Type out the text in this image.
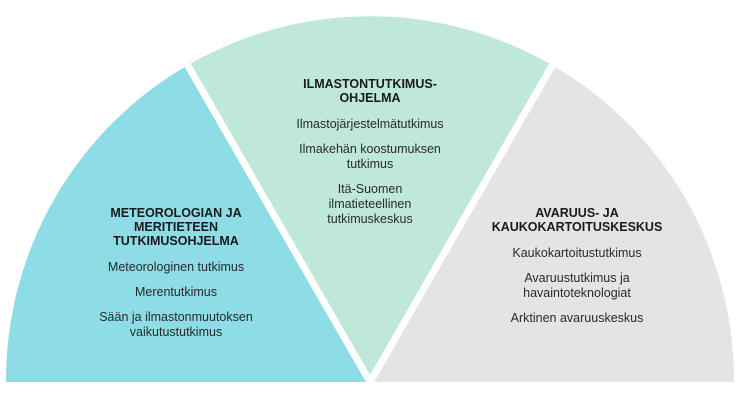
METEOROLOGIAN JA
MERITIETEEN
TUTKIMUSOHJELMA
Meteorologinen tutkimus
Merentutkimus
Sään ja ilmastonmuutoksen
vaikutustutkimus
ILMASTONTUTKIMUS-
OHJELMA
Ilmastojärjestelmätutkimus
Ilmakehän koostumuksen
tutkimus
Itä-Suomen
ilmatieteellinen
tutkimuskeskus	AVARUUS- JA
KAUKOKARTOITUSKESKUS
Kaukokartoitustutkimus
Avaruustutkimus ja
havaintoteknologiat
Arktinen avaruuskeskus
